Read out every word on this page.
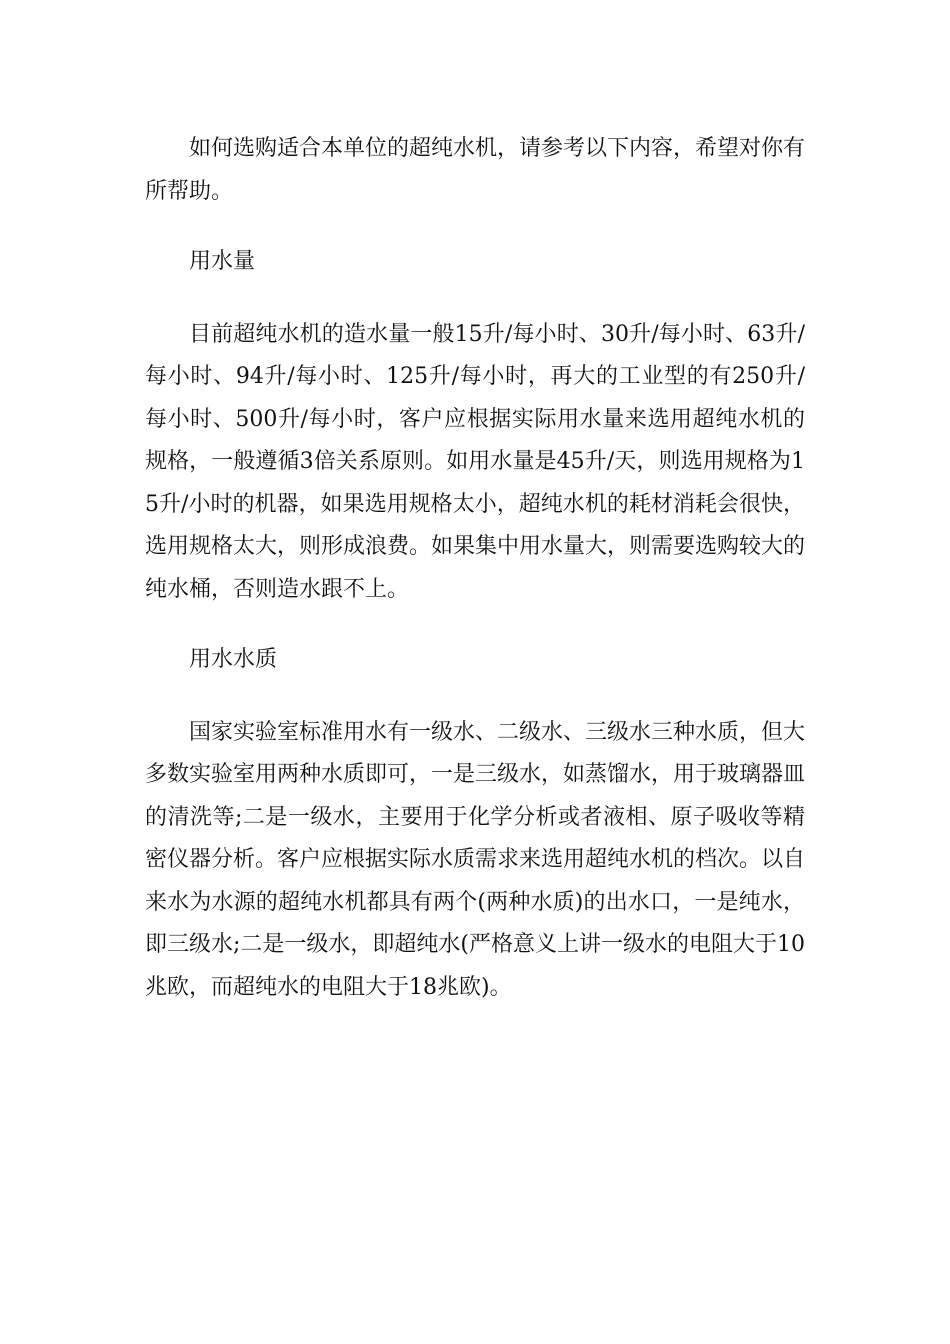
如何选购适合本单位的超纯水机，请参考以下内容，希望对你有所帮助。

用水量

目前超纯水机的造水量一般15升/每小时、30升/每小时、63升/每小时、94升/每小时、125升/每小时，再大的工业型的有250升/每小时、500升/每小时，客户应根据实际用水量来选用超纯水机的规格，一般遵循3倍关系原则。如用水量是45升/天，则选用规格为15升/小时的机器，如果选用规格太小，超纯水机的耗材消耗会很快，选用规格太大，则形成浪费。如果集中用水量大，则需要选购较大的纯水桶，否则造水跟不上。

用水水质

国家实验室标准用水有一级水、二级水、三级水三种水质，但大多数实验室用两种水质即可，一是三级水，如蒸馏水，用于玻璃器皿的清洗等;二是一级水，主要用于化学分析或者液相、原子吸收等精密仪器分析。客户应根据实际水质需求来选用超纯水机的档次。以自来水为水源的超纯水机都具有两个(两种水质)的出水口，一是纯水，即三级水;二是一级水，即超纯水(严格意义上讲一级水的电阻大于10兆欧，而超纯水的电阻大于18兆欧)。
